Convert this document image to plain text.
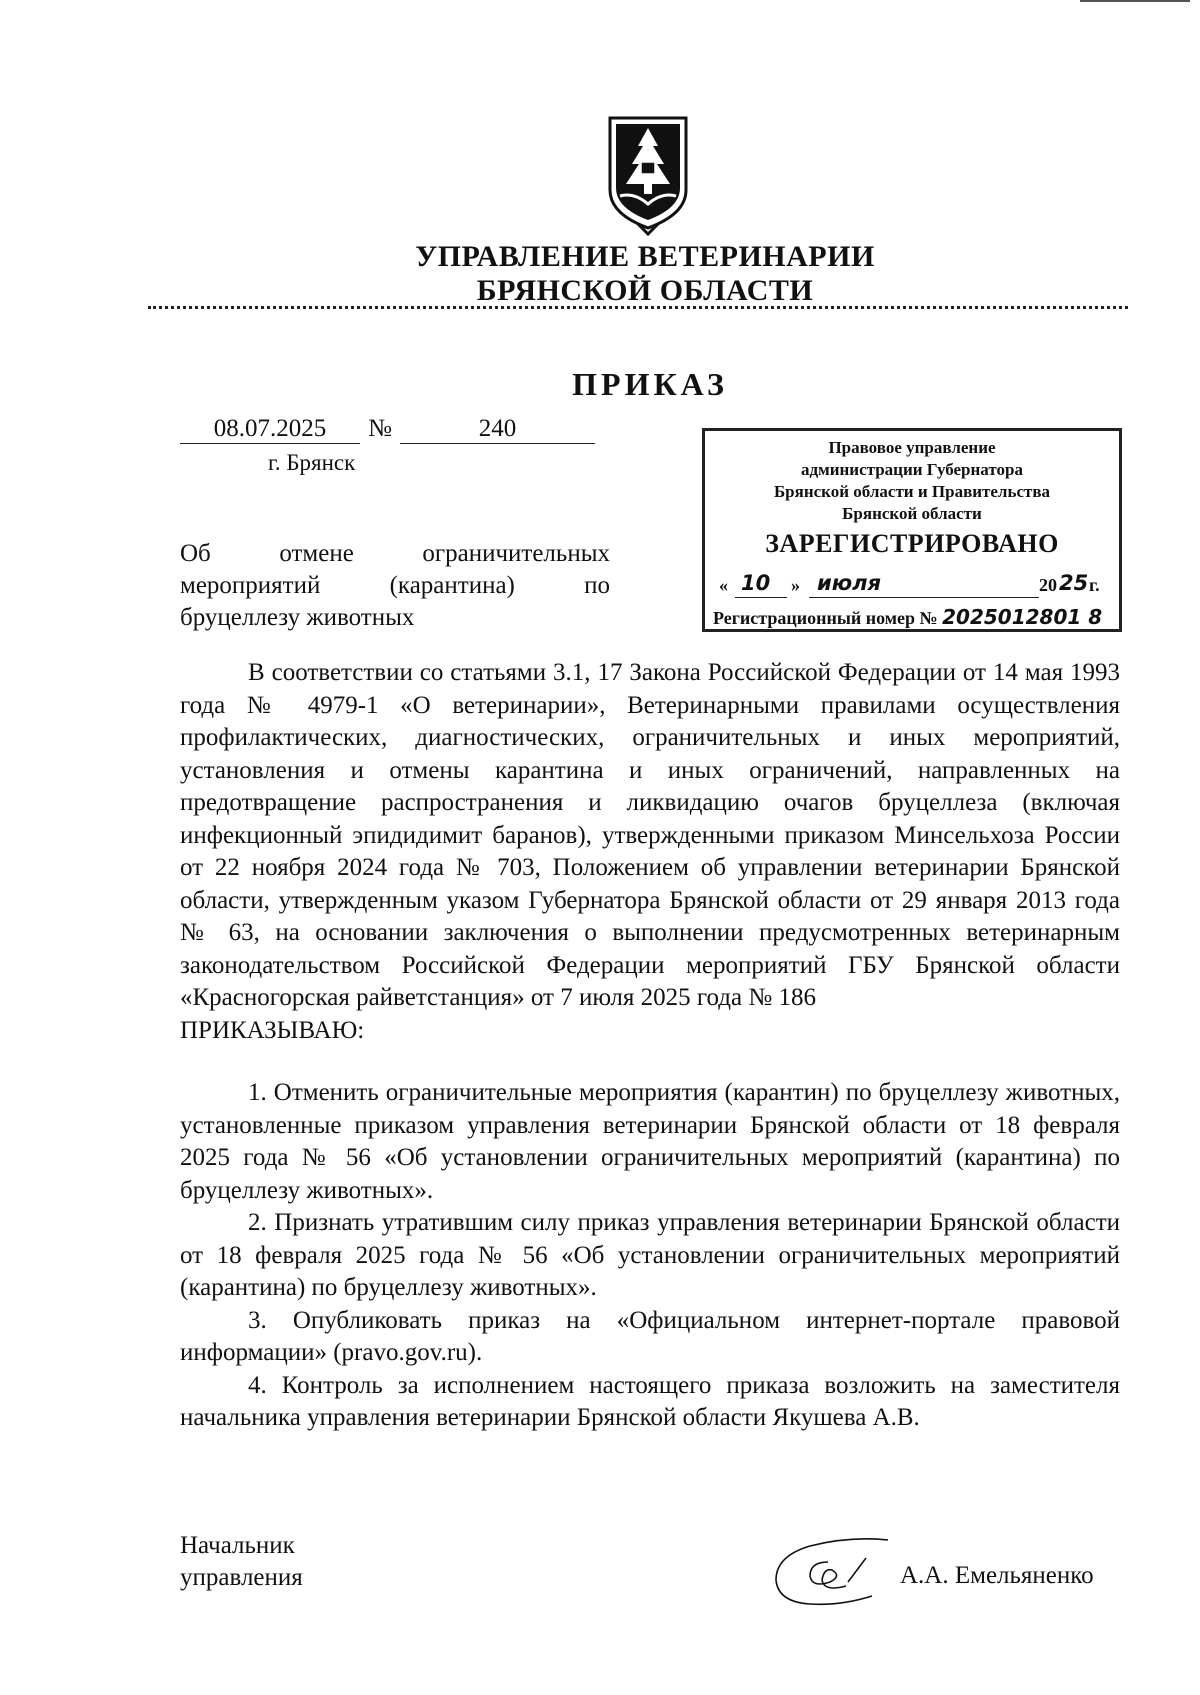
УПРАВЛЕНИЕ ВЕТЕРИНАРИИ
БРЯНСКОЙ ОБЛАСТИ
ПРИКАЗ
08.07.2025	№	240
г. Брянск
Об отмене ограничительных
мероприятий (карантина) по
бруцеллезу животных
Правовое управление
администрации Губернатора
Брянской области и Правительства
Брянской области
ЗАРЕГИСТРИРОВАНО
« 10 » июля	20 25 г.
Регистрационный номер № 2025012801 8

В соответствии со статьями 3.1, 17 Закона Российской Федерации от 14 мая 1993 года № 4979-1 «О ветеринарии», Ветеринарными правилами осуществления профилактических, диагностических, ограничительных и иных мероприятий, установления и отмены карантина и иных ограничений, направленных на предотвращение распространения и ликвидацию очагов бруцеллеза (включая инфекционный эпидидимит баранов), утвержденными приказом Минсельхоза России от 22 ноября 2024 года № 703, Положением об управлении ветеринарии Брянской области, утвержденным указом Губернатора Брянской области от 29 января 2013 года № 63, на основании заключения о выполнении предусмотренных ветеринарным законодательством Российской Федерации мероприятий ГБУ Брянской области «Красногорская райветстанция» от 7 июля 2025 года № 186

ПРИКАЗЫВАЮ:

1. Отменить ограничительные мероприятия (карантин) по бруцеллезу животных, установленные приказом управления ветеринарии Брянской области от 18 февраля 2025 года № 56 «Об установлении ограничительных мероприятий (карантина) по бруцеллезу животных».

2. Признать утратившим силу приказ управления ветеринарии Брянской области от 18 февраля 2025 года № 56 «Об установлении ограничительных мероприятий (карантина) по бруцеллезу животных».

3. Опубликовать приказ на «Официальном интернет-портале правовой информации» (pravo.gov.ru).

4. Контроль за исполнением настоящего приказа возложить на заместителя начальника управления ветеринарии Брянской области Якушева А.В.

Начальник
управления	А.А. Емельяненко
